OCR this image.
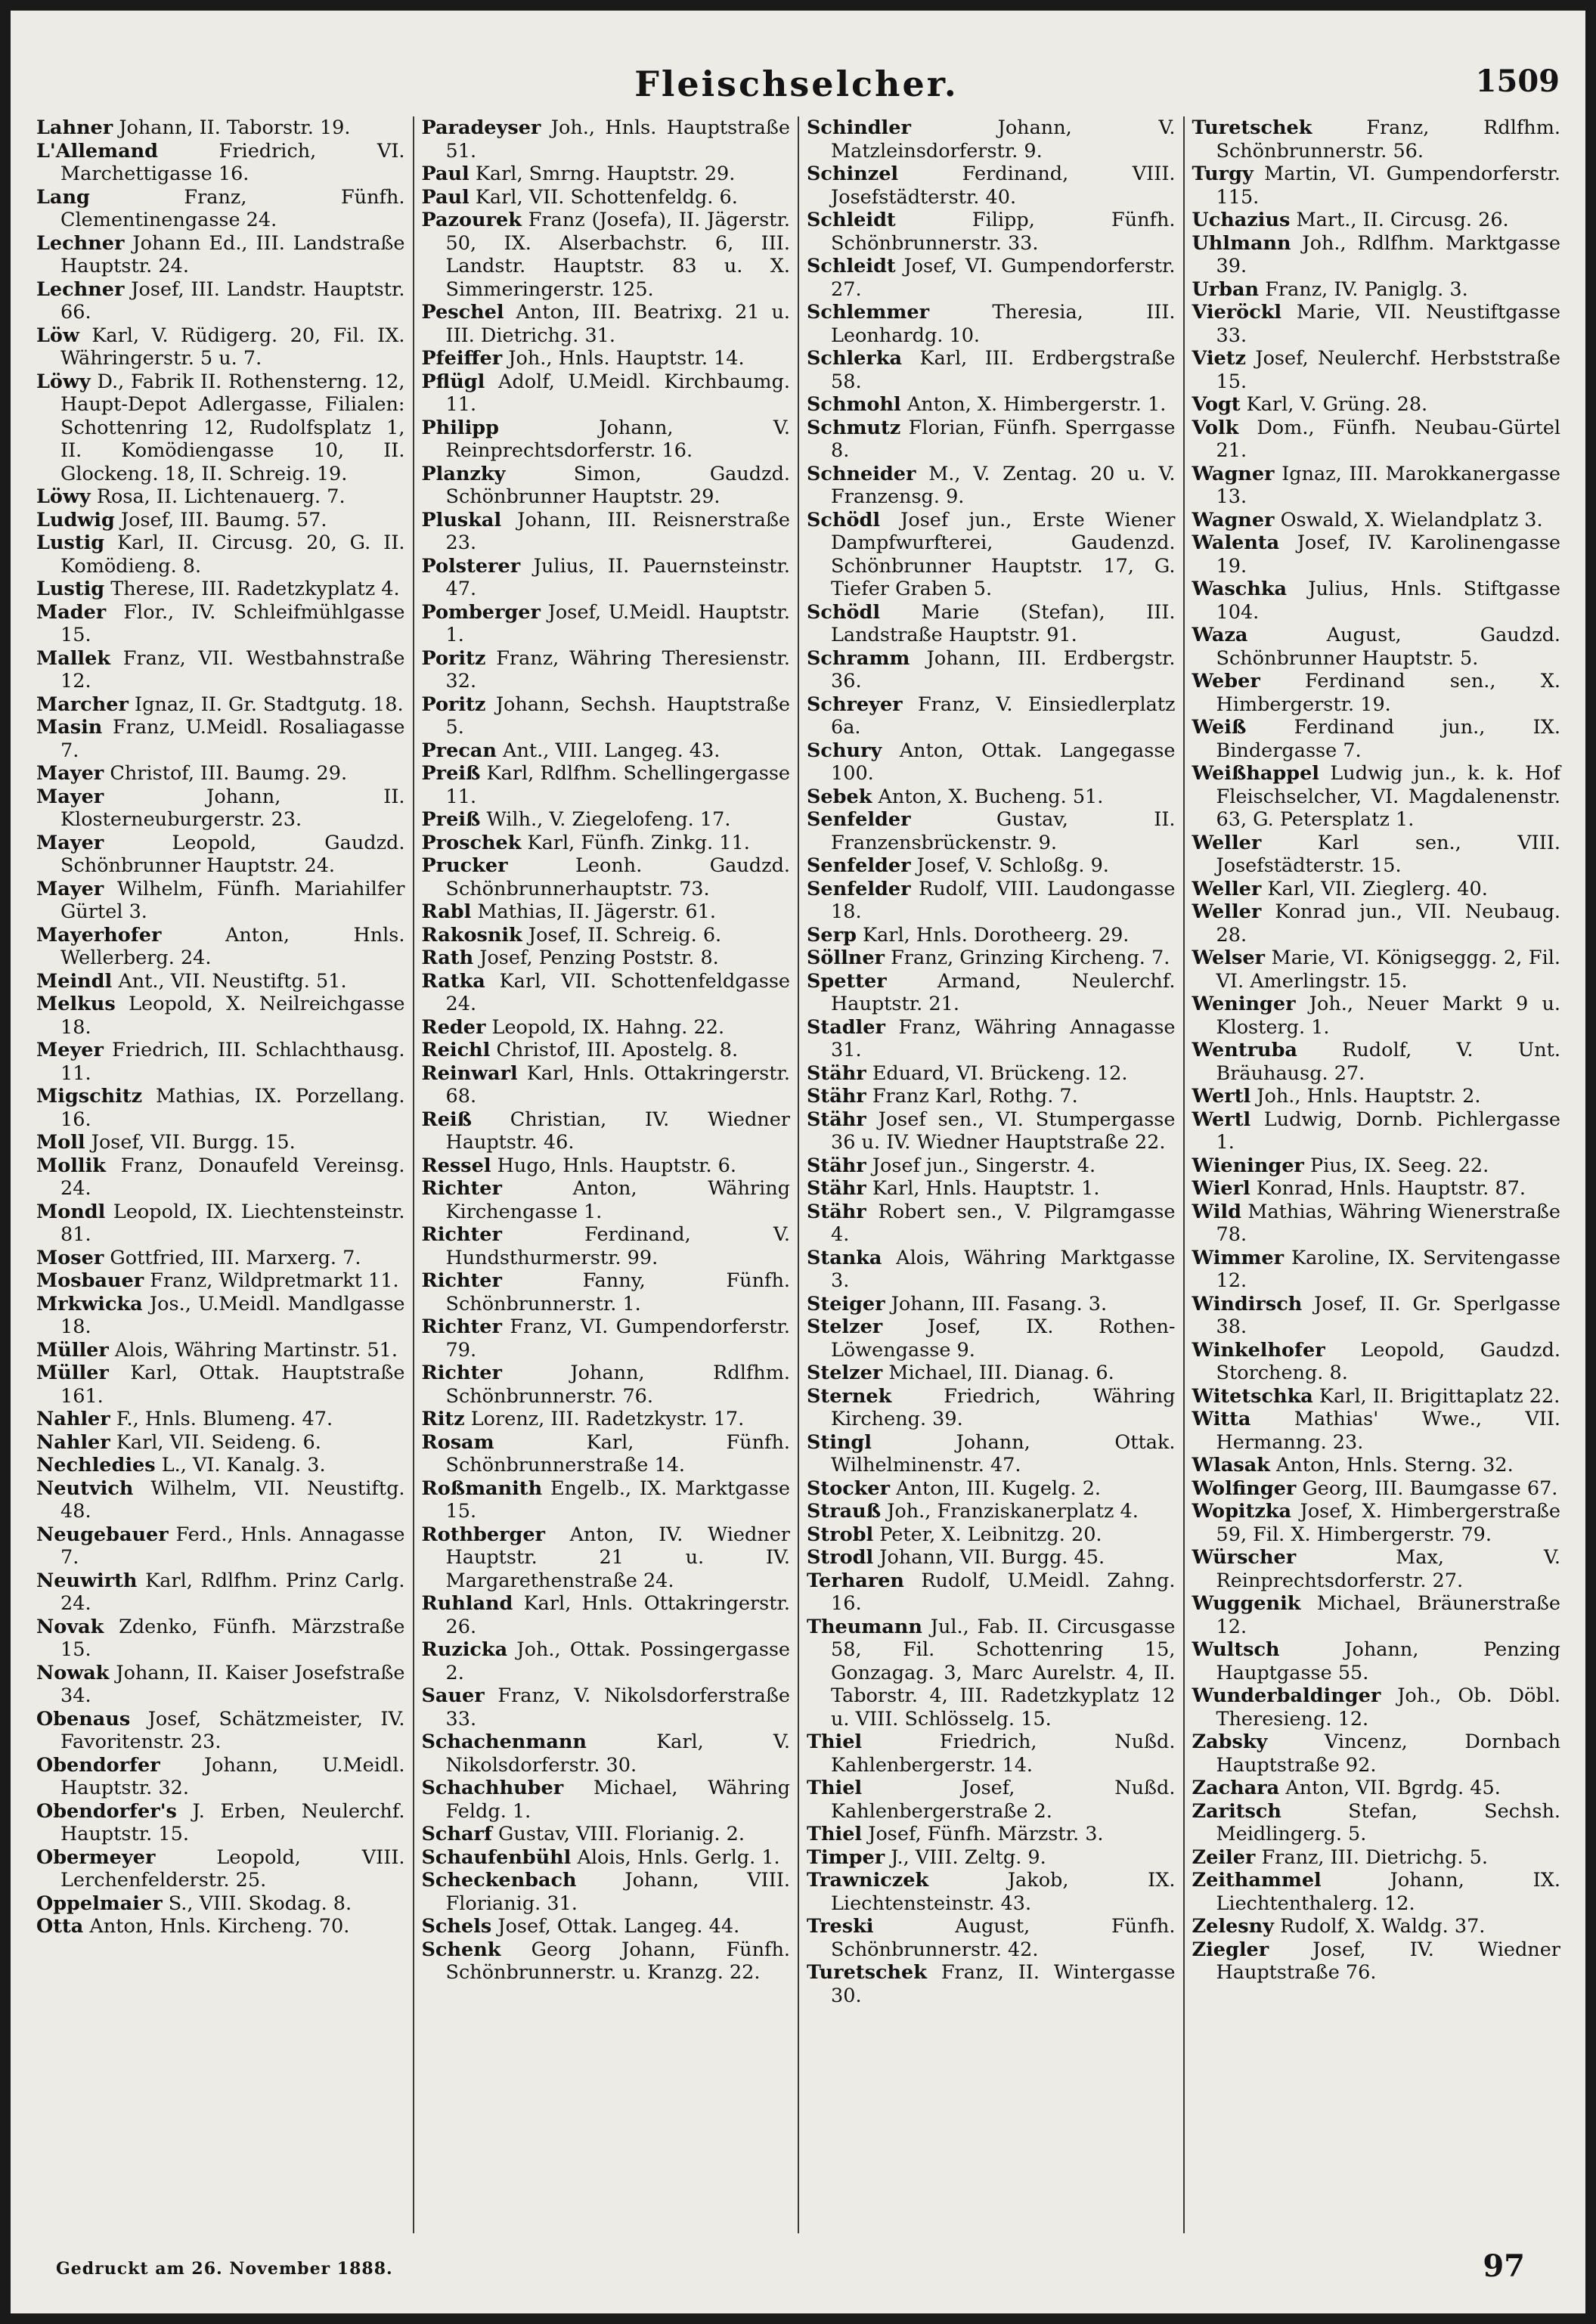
Fleischselcher.	1509

Lahner Johann, II. Taborstr. 19.

L'Allemand	Friedrich, VI. Marchettigasse 16.

Lang	Franz, Fünfh. Clementinengasse 24.

Lechner Johann Ed., III. Landstraße Hauptstr. 24.

Lechner Josef, III. Landstr. Hauptstr. 66.

Löw Karl, V. Rüdigerg. 20, Fil. IX. Währingerstr. 5 u. 7.

Löwy D., Fabrik II. Rothensterng. 12, Haupt-Depot Adlergasse, Filialen: Schottenring 12, Rudolfsplatz 1, II. Komödiengasse 10, II. Glockeng. 18, II. Schreig. 19.

Löwy Rosa, II. Lichtenauerg. 7.

Ludwig Josef, III. Baumg. 57.

Lustig Karl, II. Circusg. 20, G. II. Komödieng. 8.

Lustig Therese, III. Radetzkyplatz 4.

Mader Flor., IV. Schleifmühlgasse 15.

Mallek Franz, VII. Westbahnstraße 12.

Marcher Ignaz, II. Gr. Stadtgutg. 18.

Masin Franz, U.Meidl. Rosaliagasse 7.

Mayer Christof, III. Baumg. 29.

Mayer	Johann, II. Klosterneuburgerstr. 23.

Mayer	Leopold, Gaudzd. Schönbrunner Hauptstr. 24.

Mayer Wilhelm, Fünfh. Mariahilfer Gürtel 3.

Mayerhofer	Anton, Hnls. Wellerberg. 24.

Meindl Ant., VII. Neustiftg. 51.

Melkus Leopold, X. Neilreichgasse 18.

Meyer Friedrich, III. Schlachthausg. 11.

Migschitz Mathias, IX. Porzellang. 16.

Moll Josef, VII. Burgg. 15.

Mollik Franz, Donaufeld Vereinsg. 24.

Mondl Leopold, IX. Liechtensteinstr. 81.

Moser Gottfried, III. Marxerg. 7.

Mosbauer Franz, Wildpretmarkt 11.

Mrkwicka Jos., U.Meidl. Mandlgasse 18.

Müller Alois, Währing Martinstr. 51.

Müller Karl, Ottak. Hauptstraße 161.

Nahler F., Hnls. Blumeng. 47.

Nahler Karl, VII. Seideng. 6.

Nechledies L., VI. Kanalg. 3.

Neutvich Wilhelm, VII. Neustiftg. 48.

Neugebauer Ferd., Hnls. Annagasse 7.

Neuwirth Karl, Rdlfhm. Prinz Carlg. 24.

Novak Zdenko, Fünfh. Märzstraße 15.

Nowak Johann, II. Kaiser Josefstraße 34.

Obenaus Josef, Schätzmeister, IV. Favoritenstr. 23.

Obendorfer Johann, U.Meidl. Hauptstr. 32.

Obendorfer's J. Erben, Neulerchf. Hauptstr. 15.

Obermeyer	Leopold, VIII. Lerchenfelderstr. 25.

Oppelmaier S., VIII. Skodag. 8.

Otta Anton, Hnls. Kircheng. 70.

Paradeyser Joh., Hnls. Hauptstraße 51.

Paul Karl, Smrng. Hauptstr. 29.

Paul Karl, VII. Schottenfeldg. 6.

Pazourek Franz (Josefa), II. Jägerstr. 50, IX. Alserbachstr. 6, III. Landstr. Hauptstr. 83 u. X. Simmeringerstr. 125.

Peschel Anton, III. Beatrixg. 21 u. III. Dietrichg. 31.

Pfeiffer Joh., Hnls. Hauptstr. 14.

Pflügl Adolf, U.Meidl. Kirchbaumg. 11.

Philipp	Johann, V. Reinprechtsdorferstr. 16.

Planzky	Simon, Gaudzd. Schönbrunner Hauptstr. 29.

Pluskal Johann, III. Reisnerstraße 23.

Polsterer Julius, II. Pauernsteinstr. 47.

Pomberger Josef, U.Meidl. Hauptstr. 1.

Poritz Franz, Währing Theresienstr. 32.

Poritz Johann, Sechsh. Hauptstraße 5.

Precan Ant., VIII. Langeg. 43.

Preiß Karl, Rdlfhm. Schellingergasse 11.

Preiß Wilh., V. Ziegelofeng. 17.

Proschek Karl, Fünfh. Zinkg. 11.

Prucker	Leonh. Gaudzd. Schönbrunnerhauptstr. 73.

Rabl Mathias, II. Jägerstr. 61.

Rakosnik Josef, II. Schreig. 6.

Rath Josef, Penzing Poststr. 8.

Ratka Karl, VII. Schottenfeldgasse 24.

Reder Leopold, IX. Hahng. 22.

Reichl Christof, III. Apostelg. 8.

Reinwarl Karl, Hnls. Ottakringerstr. 68.

Reiß Christian, IV. Wiedner Hauptstr. 46.

Ressel Hugo, Hnls. Hauptstr. 6.

Richter	Anton, Währing Kirchengasse 1.

Richter	Ferdinand, V. Hundsthurmerstr. 99.

Richter	Fanny, Fünfh. Schönbrunnerstr. 1.

Richter Franz, VI. Gumpendorferstr. 79.

Richter	Johann, Rdlfhm. Schönbrunnerstr. 76.

Ritz Lorenz, III. Radetzkystr. 17.

Rosam	Karl, Fünfh. Schönbrunnerstraße 14.

Roßmanith Engelb., IX. Marktgasse 15.

Rothberger Anton, IV. Wiedner Hauptstr. 21 u. IV. Margarethenstraße 24.

Ruhland Karl, Hnls. Ottakringerstr. 26.

Ruzicka Joh., Ottak. Possingergasse 2.

Sauer Franz, V. Nikolsdorferstraße 33.

Schachenmann	Karl, V. Nikolsdorferstr. 30.

Schachhuber Michael, Währing Feldg. 1.

Scharf Gustav, VIII. Florianig. 2.

Schaufenbühl Alois, Hnls. Gerlg. 1.

Scheckenbach	Johann, VIII. Florianig. 31.

Schels Josef, Ottak. Langeg. 44.

Schenk Georg Johann, Fünfh. Schönbrunnerstr. u. Kranzg. 22.

Schindler	Johann, V. Matzleinsdorferstr. 9.

Schinzel	Ferdinand, VIII. Josefstädterstr. 40.

Schleidt	Filipp, Fünfh. Schönbrunnerstr. 33.

Schleidt Josef, VI. Gumpendorferstr. 27.

Schlemmer	Theresia, III. Leonhardg. 10.

Schlerka Karl, III. Erdbergstraße 58.

Schmohl Anton, X. Himbergerstr. 1.

Schmutz Florian, Fünfh. Sperrgasse 8.

Schneider M., V. Zentag. 20 u. V. Franzensg. 9.

Schödl Josef jun., Erste Wiener Dampfwurfterei, Gaudenzd. Schönbrunner Hauptstr. 17, G. Tiefer Graben 5.

Schödl Marie (Stefan), III. Landstraße Hauptstr. 91.

Schramm Johann, III. Erdbergstr. 36.

Schreyer Franz, V. Einsiedlerplatz 6a.

Schury Anton, Ottak. Langegasse 100.

Sebek Anton, X. Bucheng. 51.

Senfelder	Gustav, II. Franzensbrückenstr. 9.

Senfelder Josef, V. Schloßg. 9.

Senfelder Rudolf, VIII. Laudongasse 18.

Serp Karl, Hnls. Dorotheerg. 29.

Söllner Franz, Grinzing Kircheng. 7.

Spetter	Armand, Neulerchf. Hauptstr. 21.

Stadler Franz, Währing Annagasse 31.

Stähr Eduard, VI. Brückeng. 12.

Stähr Franz Karl, Rothg. 7.

Stähr Josef sen., VI. Stumpergasse 36 u. IV. Wiedner Hauptstraße 22.

Stähr Josef jun., Singerstr. 4.

Stähr Karl, Hnls. Hauptstr. 1.

Stähr Robert sen., V. Pilgramgasse 4.

Stanka Alois, Währing Marktgasse 3.

Steiger Johann, III. Fasang. 3.

Stelzer Josef, IX. Rothen-Löwengasse 9.

Stelzer Michael, III. Dianag. 6.

Sternek	Friedrich, Währing Kircheng. 39.

Stingl	Johann, Ottak. Wilhelminenstr. 47.

Stocker Anton, III. Kugelg. 2.

Strauß Joh., Franziskanerplatz 4.

Strobl Peter, X. Leibnitzg. 20.

Strodl Johann, VII. Burgg. 45.

Terharen Rudolf, U.Meidl. Zahng. 16.

Theumann Jul., Fab. II. Circusgasse 58, Fil. Schottenring 15, Gonzagag. 3, Marc Aurelstr. 4, II. Taborstr. 4, III. Radetzkyplatz 12 u. VIII. Schlösselg. 15.

Thiel	Friedrich, Nußd. Kahlenbergerstr. 14.

Thiel	Josef, Nußd. Kahlenbergerstraße 2.

Thiel Josef, Fünfh. Märzstr. 3.

Timper J., VIII. Zeltg. 9.

Trawniczek	Jakob, IX. Liechtensteinstr. 43.

Treski	August, Fünfh. Schönbrunnerstr. 42.

Turetschek Franz, II. Wintergasse 30.

Turetschek	Franz, Rdlfhm. Schönbrunnerstr. 56.

Turgy Martin, VI. Gumpendorferstr. 115.

Uchazius Mart., II. Circusg. 26.

Uhlmann Joh., Rdlfhm. Marktgasse 39.

Urban Franz, IV. Paniglg. 3.

Vieröckl Marie, VII. Neustiftgasse 33.

Vietz Josef, Neulerchf. Herbststraße 15.

Vogt Karl, V. Grüng. 28.

Volk Dom., Fünfh. Neubau-Gürtel 21.

Wagner Ignaz, III. Marokkanergasse 13.

Wagner Oswald, X. Wielandplatz 3.

Walenta Josef, IV. Karolinengasse 19.

Waschka Julius, Hnls. Stiftgasse 104.

Waza	August, Gaudzd. Schönbrunner Hauptstr. 5.

Weber Ferdinand sen., X. Himbergerstr. 19.

Weiß Ferdinand jun., IX. Bindergasse 7.

Weißhappel Ludwig jun., k. k. Hof Fleischselcher, VI. Magdalenenstr. 63, G. Petersplatz 1.

Weller	Karl sen., VIII. Josefstädterstr. 15.

Weller Karl, VII. Zieglerg. 40.

Weller Konrad jun., VII. Neubaug. 28.

Welser Marie, VI. Königseggg. 2, Fil. VI. Amerlingstr. 15.

Weninger Joh., Neuer Markt 9 u. Klosterg. 1.

Wentruba Rudolf, V. Unt. Bräuhausg. 27.

Wertl Joh., Hnls. Hauptstr. 2.

Wertl Ludwig, Dornb. Pichlergasse 1.

Wieninger Pius, IX. Seeg. 22.

Wierl Konrad, Hnls. Hauptstr. 87.

Wild Mathias, Währing Wienerstraße 78.

Wimmer Karoline, IX. Servitengasse 12.

Windirsch Josef, II. Gr. Sperlgasse 38.

Winkelhofer Leopold, Gaudzd. Storcheng. 8.

Witetschka Karl, II. Brigittaplatz 22.

Witta Mathias' Wwe., VII. Hermanng. 23.

Wlasak Anton, Hnls. Sterng. 32.

Wolfinger Georg, III. Baumgasse 67.

Wopitzka Josef, X. Himbergerstraße 59, Fil. X. Himbergerstr. 79.

Würscher	Max, V. Reinprechtsdorferstr. 27.

Wuggenik Michael, Bräunerstraße 12.

Wultsch	Johann, Penzing Hauptgasse 55.

Wunderbaldinger Joh., Ob. Döbl. Theresieng. 12.

Zabsky	Vincenz, Dornbach Hauptstraße 92.

Zachara Anton, VII. Bgrdg. 45.

Zaritsch	Stefan, Sechsh. Meidlingerg. 5.

Zeiler Franz, III. Dietrichg. 5.

Zeithammel	Johann, IX. Liechtenthalerg. 12.

Zelesny Rudolf, X. Waldg. 37.

Ziegler Josef, IV. Wiedner Hauptstraße 76.

Gedruckt am 26. November 1888.	97
